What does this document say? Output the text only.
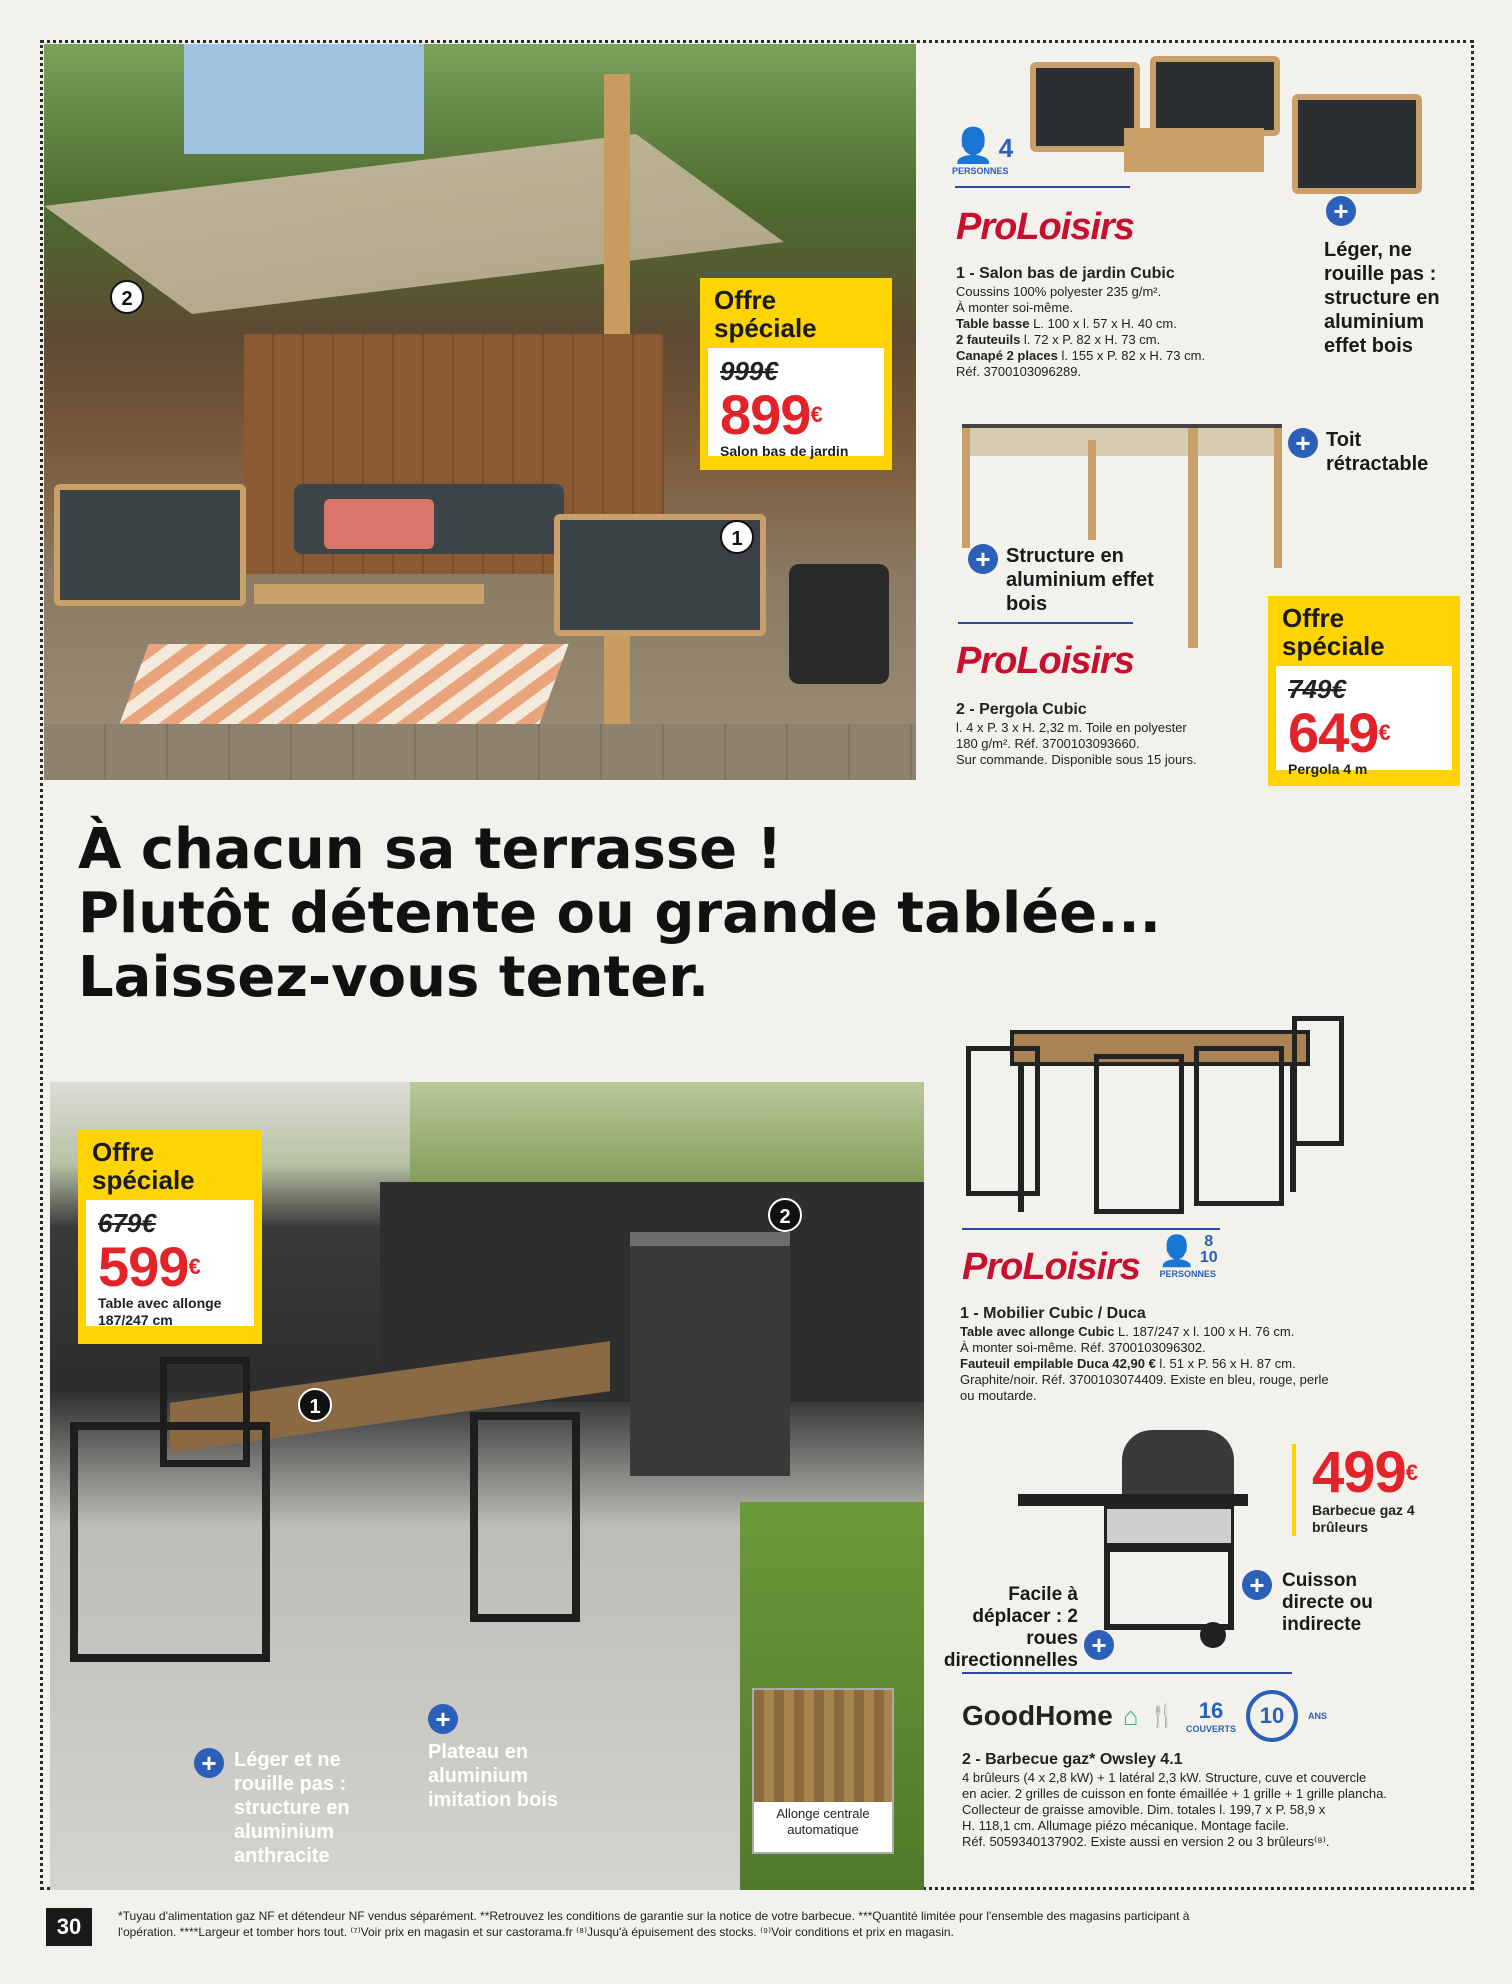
2
1
Offre spéciale
999€
899€
Salon bas de jardin
👤 4
PERSONNES
ProLoisirs
1 - Salon bas de jardin Cubic
Coussins 100% polyester 235 g/m².
À monter soi-même.
Table basse L. 100 x l. 57 x H. 40 cm.
2 fauteuils l. 72 x P. 82 x H. 73 cm.
Canapé 2 places l. 155 x P. 82 x H. 73 cm.
Réf. 3700103096289.
+
Léger, ne rouille pas : structure en aluminium effet bois
+ Toit rétractable
+ Structure en aluminium effet bois
ProLoisirs
2 - Pergola Cubic
l. 4 x P. 3 x H. 2,32 m. Toile en polyester
180 g/m². Réf. 3700103093660.
Sur commande. Disponible sous 15 jours.
Offre spéciale
749€
649€
Pergola 4 m
À chacun sa terrasse !
Plutôt détente ou grande tablée...
Laissez-vous tenter.
1
2
Offre spéciale
679€
599€
Table avec allonge 187/247 cm
+ Léger et ne rouille pas : structure en aluminium anthracite
+
Plateau en aluminium imitation bois
Allonge centrale automatique
ProLoisirs 👤 8
10
PERSONNES
1 - Mobilier Cubic / Duca
Table avec allonge Cubic L. 187/247 x l. 100 x H. 76 cm.
À monter soi-même. Réf. 3700103096302.
Fauteuil empilable Duca 42,90 € l. 51 x P. 56 x H. 87 cm.
Graphite/noir. Réf. 3700103074409. Existe en bleu, rouge, perle
ou moutarde.
499€
Barbecue gaz 4 brûleurs
Facile à déplacer : 2 roues directionnelles
+
+ Cuisson directe ou indirecte
GoodHome ⌂ 🍴	16
COUVERTS
10	ANS
2 - Barbecue gaz* Owsley 4.1
4 brûleurs (4 x 2,8 kW) + 1 latéral 2,3 kW. Structure, cuve et couvercle
en acier. 2 grilles de cuisson en fonte émaillée + 1 grille + 1 grille plancha.
Collecteur de graisse amovible. Dim. totales l. 199,7 x P. 58,9 x
H. 118,1 cm. Allumage piézo mécanique. Montage facile.
Réf. 5059340137902. Existe aussi en version 2 ou 3 brûleurs⁽⁸⁾.
30	*Tuyau d'alimentation gaz NF et détendeur NF vendus séparément. **Retrouvez les conditions de garantie sur la notice de votre barbecue. ***Quantité limitée pour l'ensemble des magasins participant à
l'opération. ****Largeur et tomber hors tout. ⁽⁷⁾Voir prix en magasin et sur castorama.fr ⁽⁸⁾Jusqu'à épuisement des stocks. ⁽⁹⁾Voir conditions et prix en magasin.
